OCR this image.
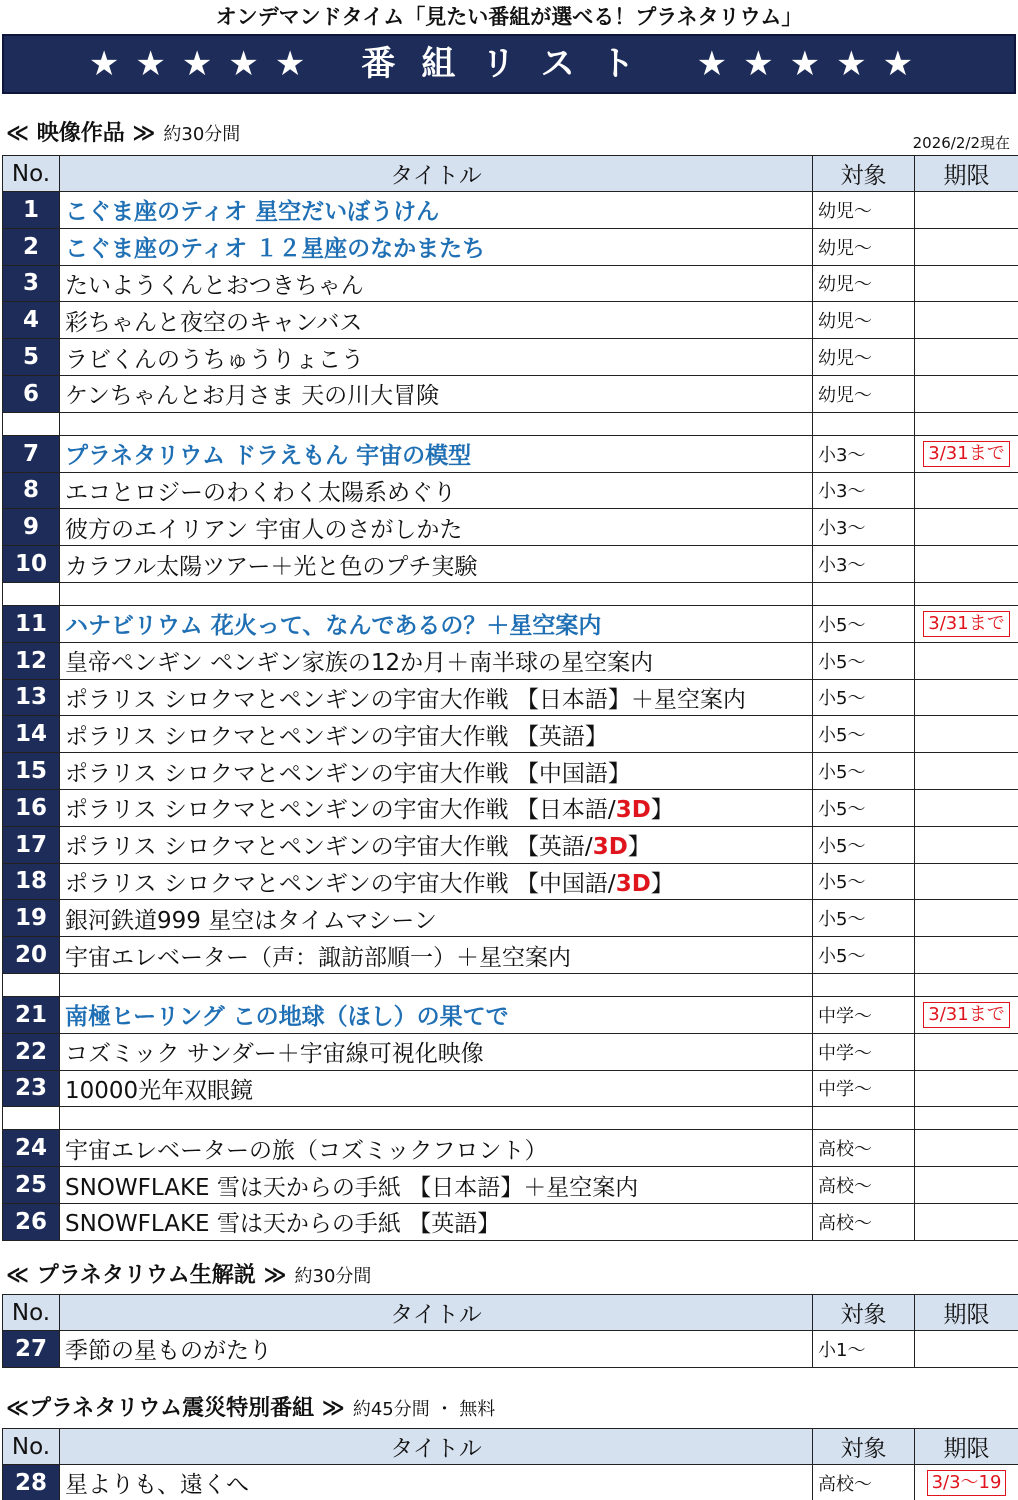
オンデマンドタイム「見たい番組が選べる！プラネタリウム」
★★★★★ 番組リスト ★★★★★
≪ 映像作品 ≫ 約30分間	2026/2/2現在
No.	タイトル	対象	期限
1	こぐま座のティオ 星空だいぼうけん	幼児～	
2	こぐま座のティオ １２星座のなかまたち	幼児～	
3	たいようくんとおつきちゃん	幼児～	
4	彩ちゃんと夜空のキャンバス	幼児～	
5	ラビくんのうちゅうりょこう	幼児～	
6	ケンちゃんとお月さま 天の川大冒険	幼児～	

7	プラネタリウム ドラえもん 宇宙の模型	小3～	3/31まで
8	エコとロジーのわくわく太陽系めぐり	小3～	
9	彼方のエイリアン 宇宙人のさがしかた	小3～	
10	カラフル太陽ツアー＋光と色のプチ実験	小3～	

11	ハナビリウム 花火って、なんであるの？＋星空案内	小5～	3/31まで
12	皇帝ペンギン ペンギン家族の12か月＋南半球の星空案内	小5～	
13	ポラリス シロクマとペンギンの宇宙大作戦 【日本語】＋星空案内	小5～	
14	ポラリス シロクマとペンギンの宇宙大作戦 【英語】	小5～	
15	ポラリス シロクマとペンギンの宇宙大作戦 【中国語】	小5～	
16	ポラリス シロクマとペンギンの宇宙大作戦 【日本語/3D】	小5～	
17	ポラリス シロクマとペンギンの宇宙大作戦 【英語/3D】	小5～	
18	ポラリス シロクマとペンギンの宇宙大作戦 【中国語/3D】	小5～	
19	銀河鉄道999 星空はタイムマシーン	小5～	
20	宇宙エレベーター（声：諏訪部順一）＋星空案内	小5～	

21	南極ヒーリング この地球（ほし）の果てで	中学～	3/31まで
22	コズミック サンダー＋宇宙線可視化映像	中学～	
23	10000光年双眼鏡	中学～	

24	宇宙エレベーターの旅（コズミックフロント）	高校～	
25	SNOWFLAKE 雪は天からの手紙 【日本語】＋星空案内	高校～	
26	SNOWFLAKE 雪は天からの手紙 【英語】	高校～	
≪ プラネタリウム生解説 ≫ 約30分間
No.	タイトル	対象	期限
27	季節の星ものがたり	小1～	
≪プラネタリウム震災特別番組 ≫ 約45分間 ・ 無料
No.	タイトル	対象	期限
28	星よりも、遠くへ	高校～	3/3～19
